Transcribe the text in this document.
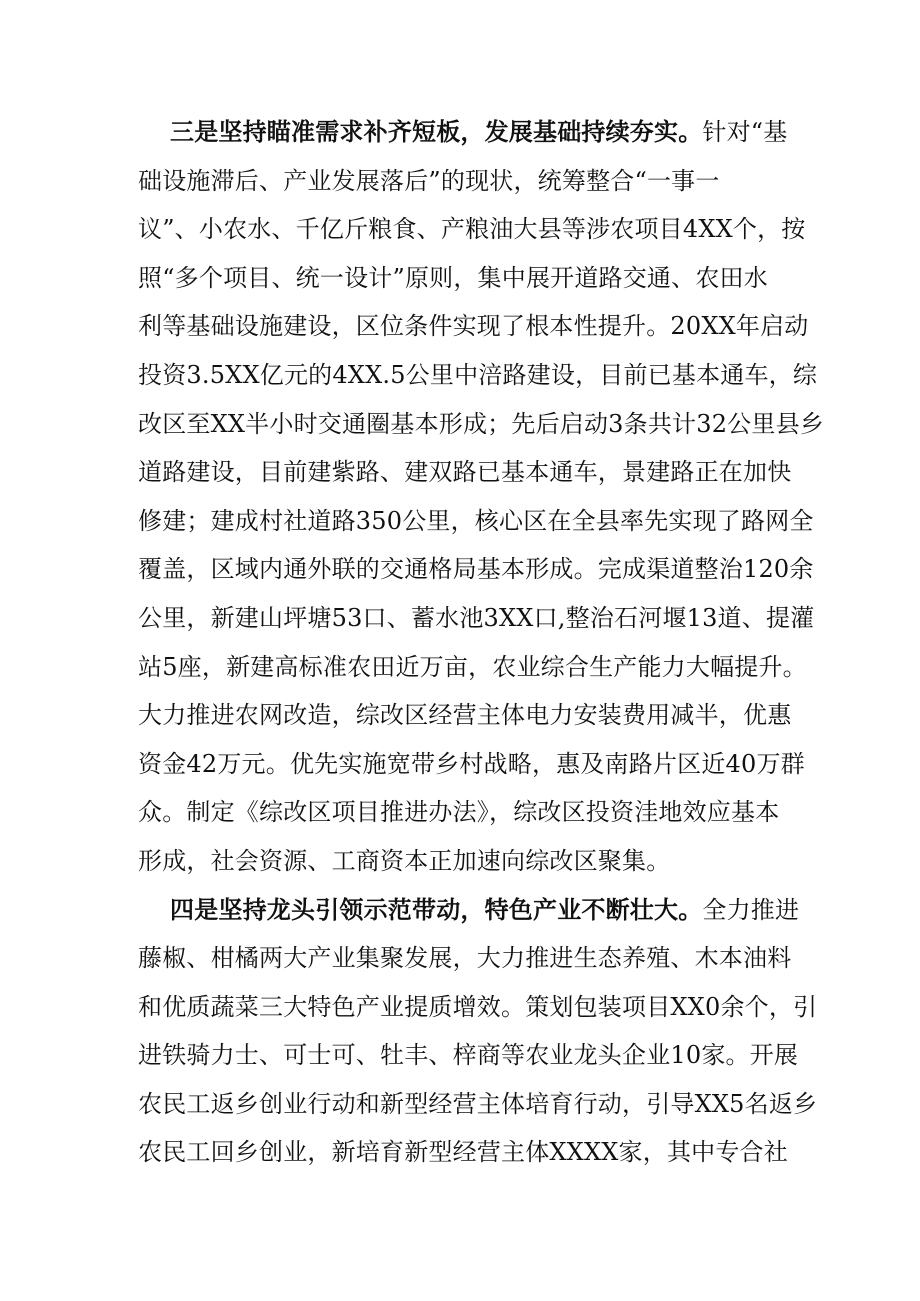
三是坚持瞄准需求补齐短板，发展基础持续夯实。针对“基
础设施滞后、产业发展落后”的现状，统筹整合“一事一
议”、小农水、千亿斤粮食、产粮油大县等涉农项目4XX个，按
照“多个项目、统一设计”原则，集中展开道路交通、农田水
利等基础设施建设，区位条件实现了根本性提升。20XX年启动
投资3.5XX亿元的4XX.5公里中涪路建设，目前已基本通车，综
改区至XX半小时交通圈基本形成；先后启动3条共计32公里县乡
道路建设，目前建紫路、建双路已基本通车，景建路正在加快
修建；建成村社道路350公里，核心区在全县率先实现了路网全
覆盖，区域内通外联的交通格局基本形成。完成渠道整治120余
公里，新建山坪塘53口、蓄水池3XX口,整治石河堰13道、提灌
站5座，新建高标准农田近万亩，农业综合生产能力大幅提升。
大力推进农网改造，综改区经营主体电力安装费用减半，优惠
资金42万元。优先实施宽带乡村战略，惠及南路片区近40万群
众。制定《综改区项目推进办法》，综改区投资洼地效应基本
形成，社会资源、工商资本正加速向综改区聚集。
四是坚持龙头引领示范带动，特色产业不断壮大。全力推进
藤椒、柑橘两大产业集聚发展，大力推进生态养殖、木本油料
和优质蔬菜三大特色产业提质增效。策划包装项目XX0余个，引
进铁骑力士、可士可、牡丰、梓商等农业龙头企业10家。开展
农民工返乡创业行动和新型经营主体培育行动，引导XX5名返乡
农民工回乡创业，新培育新型经营主体XXXX家，其中专合社
